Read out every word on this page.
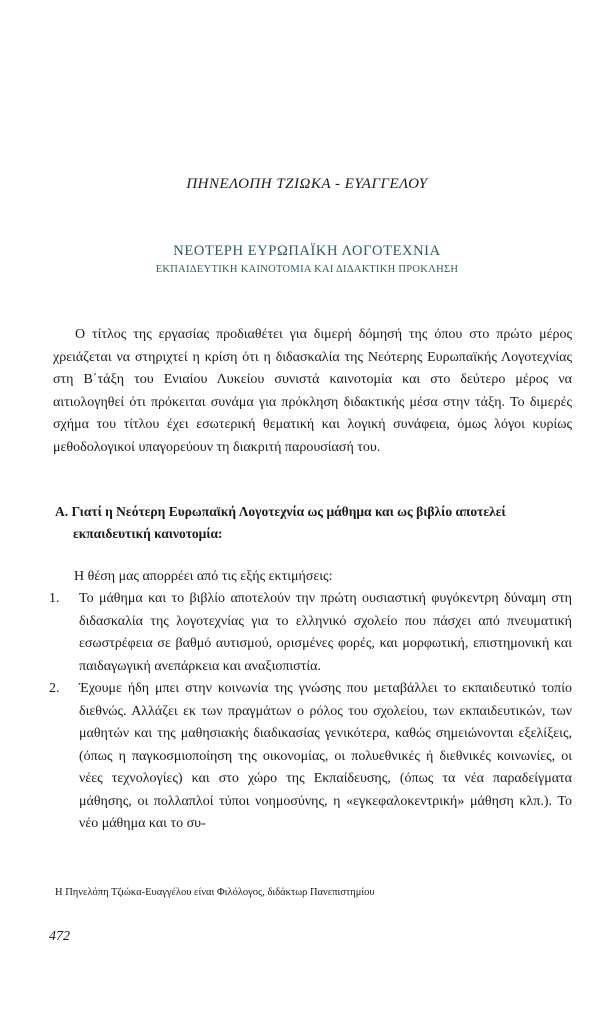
ΠΗΝΕΛΟΠΗ ΤΖΙΩΚΑ - ΕΥΑΓΓΕΛΟΥ
ΝΕΟΤΕΡΗ ΕΥΡΩΠΑΪΚΗ ΛΟΓΟΤΕΧΝΙΑ
ΕΚΠΑΙΔΕΥΤΙΚΗ ΚΑΙΝΟΤΟΜΙΑ ΚΑΙ ΔΙΔΑΚΤΙΚΗ ΠΡΟΚΛΗΣΗ

Ο τίτλος της εργασίας προδιαθέτει για διμερή δόμησή της όπου στο πρώτο μέρος χρειάζεται να στηριχτεί η κρίση ότι η διδασκαλία της Νεότερης Ευρωπαϊκής Λογοτεχνίας στη Β΄τάξη του Ενιαίου Λυκείου συνιστά καινοτομία και στο δεύτερο μέρος να αιτιολογηθεί ότι πρόκειται συνάμα για πρόκληση διδακτικής μέσα στην τάξη. Το διμερές σχήμα του τίτλου έχει εσωτερική θεματική και λογική συνάφεια, όμως λόγοι κυρίως μεθοδολογικοί υπαγορεύουν τη διακριτή παρουσίασή του.

Α. Γιατί η Νεότερη Ευρωπαϊκή Λογοτεχνία ως μάθημα και ως βιβλίο αποτελεί
εκπαιδευτική καινοτομία:
Η θέση μας απορρέει από τις εξής εκτιμήσεις:
1. Το μάθημα και το βιβλίο αποτελούν την πρώτη ουσιαστική φυγόκεντρη δύναμη στη διδασκαλία της λογοτεχνίας για το ελληνικό σχολείο που πάσχει από πνευματική εσωστρέφεια σε βαθμό αυτισμού, ορισμένες φορές, και μορφωτική, επιστημονική και παιδαγωγική ανεπάρκεια και αναξιοπιστία.
2. Έχουμε ήδη μπει στην κοινωνία της γνώσης που μεταβάλλει το εκπαιδευτικό τοπίο διεθνώς. Αλλάζει εκ των πραγμάτων ο ρόλος του σχολείου, των εκπαιδευτικών, των μαθητών και της μαθησιακής διαδικασίας γενικότερα, καθώς σημειώνονται εξελίξεις, (όπως η παγκοσμιοποίηση της οικονομίας, οι πολυεθνικές ή διεθνικές κοινωνίες, οι νέες τεχνολογίες) και στο χώρο της Εκπαίδευσης, (όπως τα νέα παραδείγματα μάθησης, οι πολλαπλοί τύποι νοημοσύνης, η «εγκεφαλοκεντρική» μάθηση κλπ.). Το νέο μάθημα και το συ-
Η Πηνελόπη Τζιώκα-Ευαγγέλου είναι Φιλόλογος, διδάκτωρ Πανεπιστημίου
472
